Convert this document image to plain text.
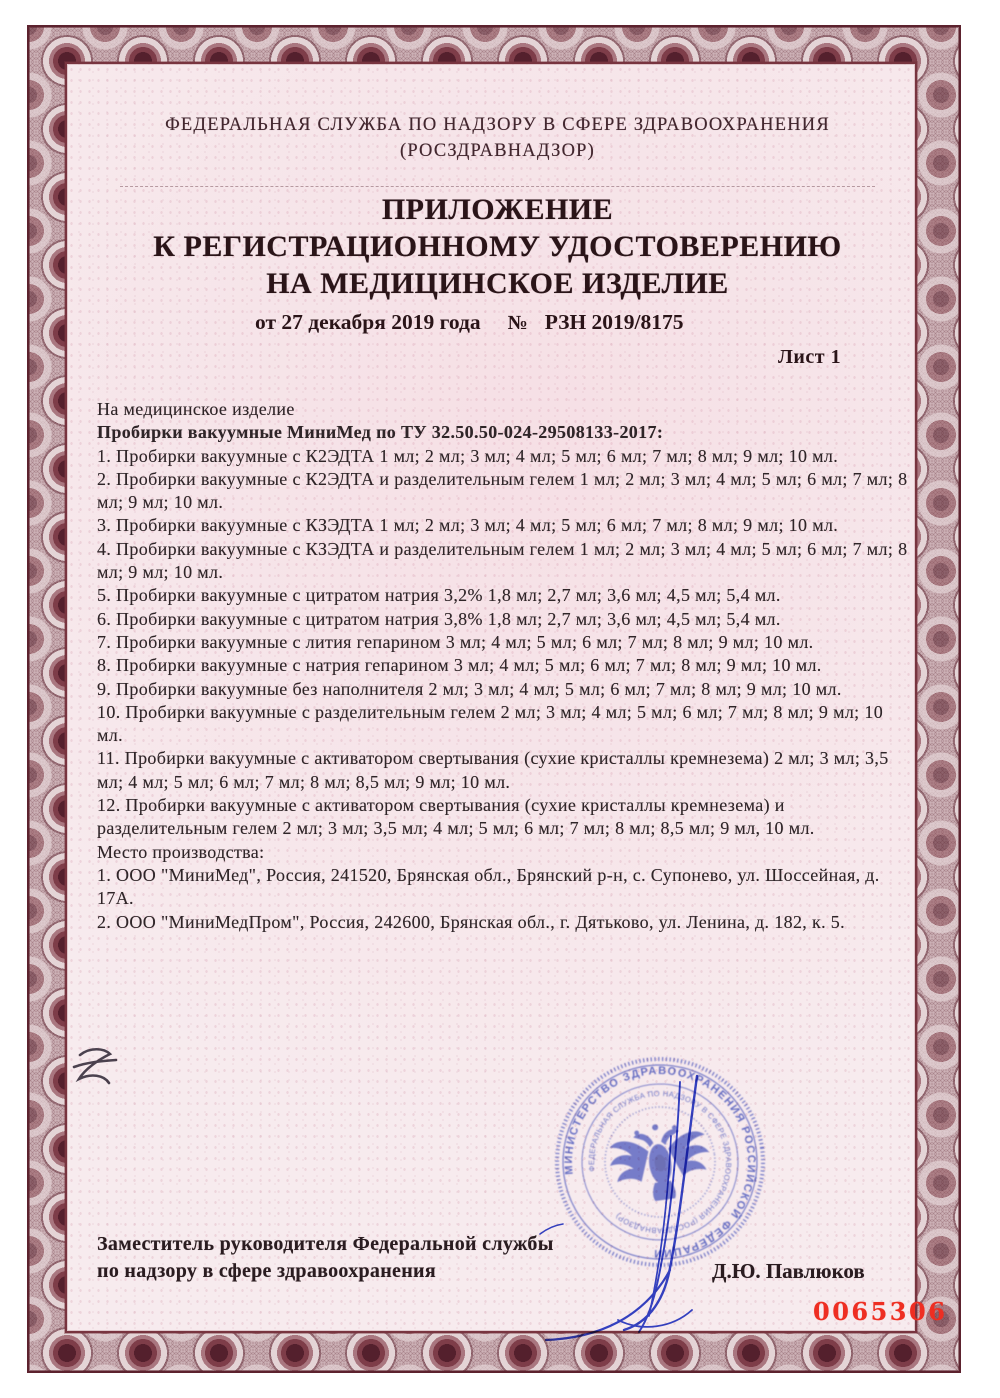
ФЕДЕРАЛЬНАЯ СЛУЖБА ПО НАДЗОРУ В СФЕРЕ ЗДРАВООХРАНЕНИЯ
(РОСЗДРАВНАДЗОР)
ПРИЛОЖЕНИЕ
К РЕГИСТРАЦИОННОМУ УДОСТОВЕРЕНИЮ
НА МЕДИЦИНСКОЕ ИЗДЕЛИЕ
от 27 декабря 2019 года № РЗН 2019/8175
Лист 1

На медицинское изделие

Пробирки вакуумные МиниМед по ТУ 32.50.50-024-29508133-2017:

1. Пробирки вакуумные с К2ЭДТА 1 мл; 2 мл; 3 мл; 4 мл; 5 мл; 6 мл; 7 мл; 8 мл; 9 мл; 10 мл.

2. Пробирки вакуумные с К2ЭДТА и разделительным гелем 1 мл; 2 мл; 3 мл; 4 мл; 5 мл; 6 мл; 7 мл; 8 мл; 9 мл; 10 мл.

3. Пробирки вакуумные с КЗЭДТА 1 мл; 2 мл; 3 мл; 4 мл; 5 мл; 6 мл; 7 мл; 8 мл; 9 мл; 10 мл.

4. Пробирки вакуумные с КЗЭДТА и разделительным гелем 1 мл; 2 мл; 3 мл; 4 мл; 5 мл; 6 мл; 7 мл; 8 мл; 9 мл; 10 мл.

5. Пробирки вакуумные с цитратом натрия 3,2% 1,8 мл; 2,7 мл; 3,6 мл; 4,5 мл; 5,4 мл.

6. Пробирки вакуумные с цитратом натрия 3,8% 1,8 мл; 2,7 мл; 3,6 мл; 4,5 мл; 5,4 мл.

7. Пробирки вакуумные с лития гепарином 3 мл; 4 мл; 5 мл; 6 мл; 7 мл; 8 мл; 9 мл; 10 мл.

8. Пробирки вакуумные с натрия гепарином 3 мл; 4 мл; 5 мл; 6 мл; 7 мл; 8 мл; 9 мл; 10 мл.

9. Пробирки вакуумные без наполнителя 2 мл; 3 мл; 4 мл; 5 мл; 6 мл; 7 мл; 8 мл; 9 мл; 10 мл.

10. Пробирки вакуумные с разделительным гелем 2 мл; 3 мл; 4 мл; 5 мл; 6 мл; 7 мл; 8 мл; 9 мл; 10 мл.

11. Пробирки вакуумные с активатором свертывания (сухие кристаллы кремнезема) 2 мл; 3 мл; 3,5 мл; 4 мл; 5 мл; 6 мл; 7 мл; 8 мл; 8,5 мл; 9 мл; 10 мл.

12. Пробирки вакуумные с активатором свертывания (сухие кристаллы кремнезема) и разделительным гелем 2 мл; 3 мл; 3,5 мл; 4 мл; 5 мл; 6 мл; 7 мл; 8 мл; 8,5 мл; 9 мл, 10 мл.

Место производства:

1. ООО "МиниМед", Россия, 241520, Брянская обл., Брянский р-н, с. Супонево, ул. Шоссейная, д. 17А.

2. ООО "МиниМедПром", Россия, 242600, Брянская обл., г. Дятьково, ул. Ленина, д. 182, к. 5.

МИНИСТЕРСТВО ЗДРАВООХРАНЕНИЯ РОССИЙСКОЙ ФЕДЕРАЦИИ
ФЕДЕРАЛЬНАЯ СЛУЖБА ПО НАДЗОРУ В СФЕРЕ ЗДРАВООХРАНЕНИЯ (РОСЗДРАВНАДЗОР)
Заместитель руководителя Федеральной службы
по надзору в сфере здравоохранения	Д.Ю. Павлюков
0065306
